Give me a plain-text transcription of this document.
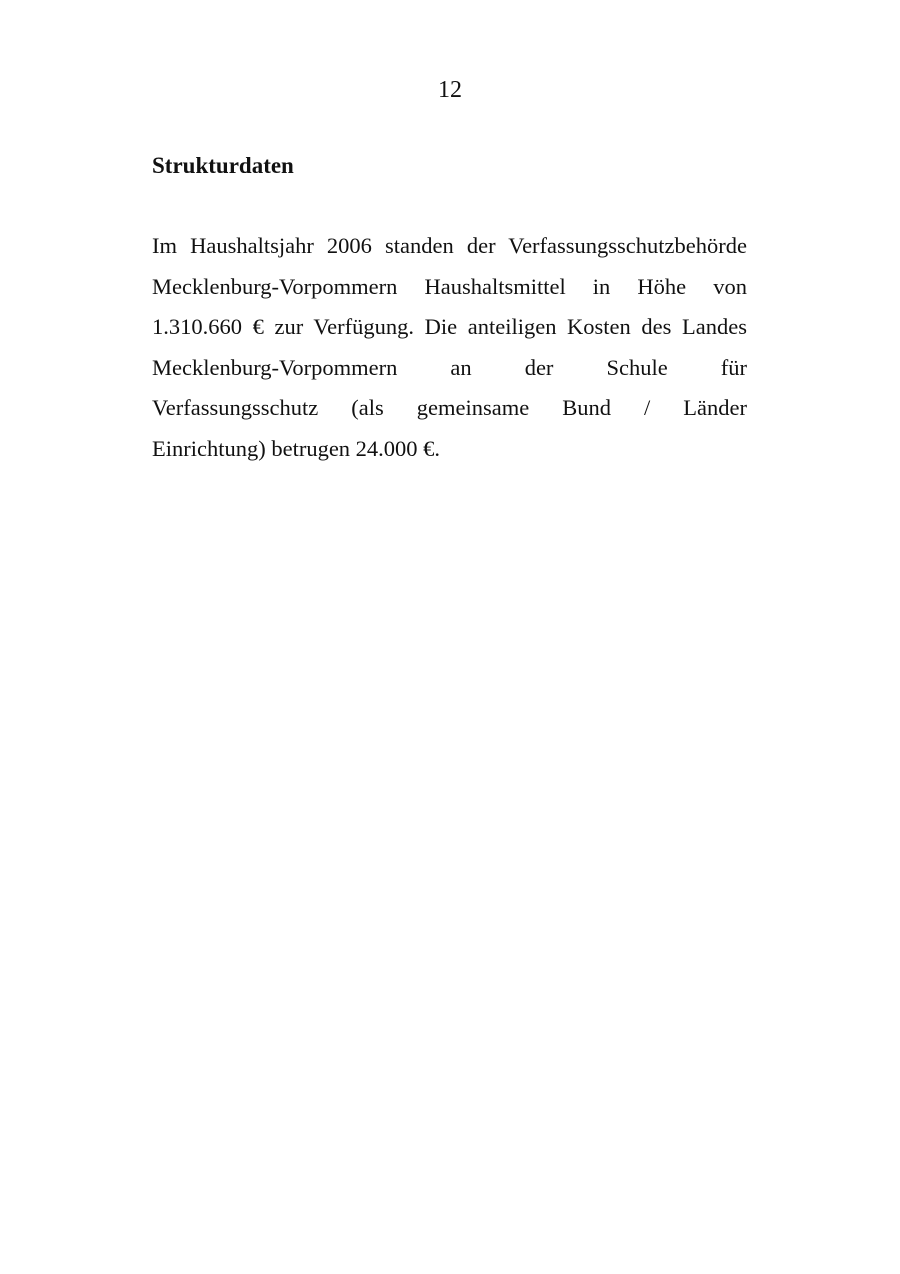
12
Strukturdaten

Im Haushaltsjahr 2006 standen der Verfassungsschutzbehörde
Mecklenburg-Vorpommern Haushaltsmittel in Höhe von
1.310.660 € zur Verfügung. Die anteiligen Kosten des Landes
Mecklenburg-Vorpommern an der Schule für
Verfassungsschutz (als gemeinsame Bund / Länder
Einrichtung) betrugen 24.000 €.
